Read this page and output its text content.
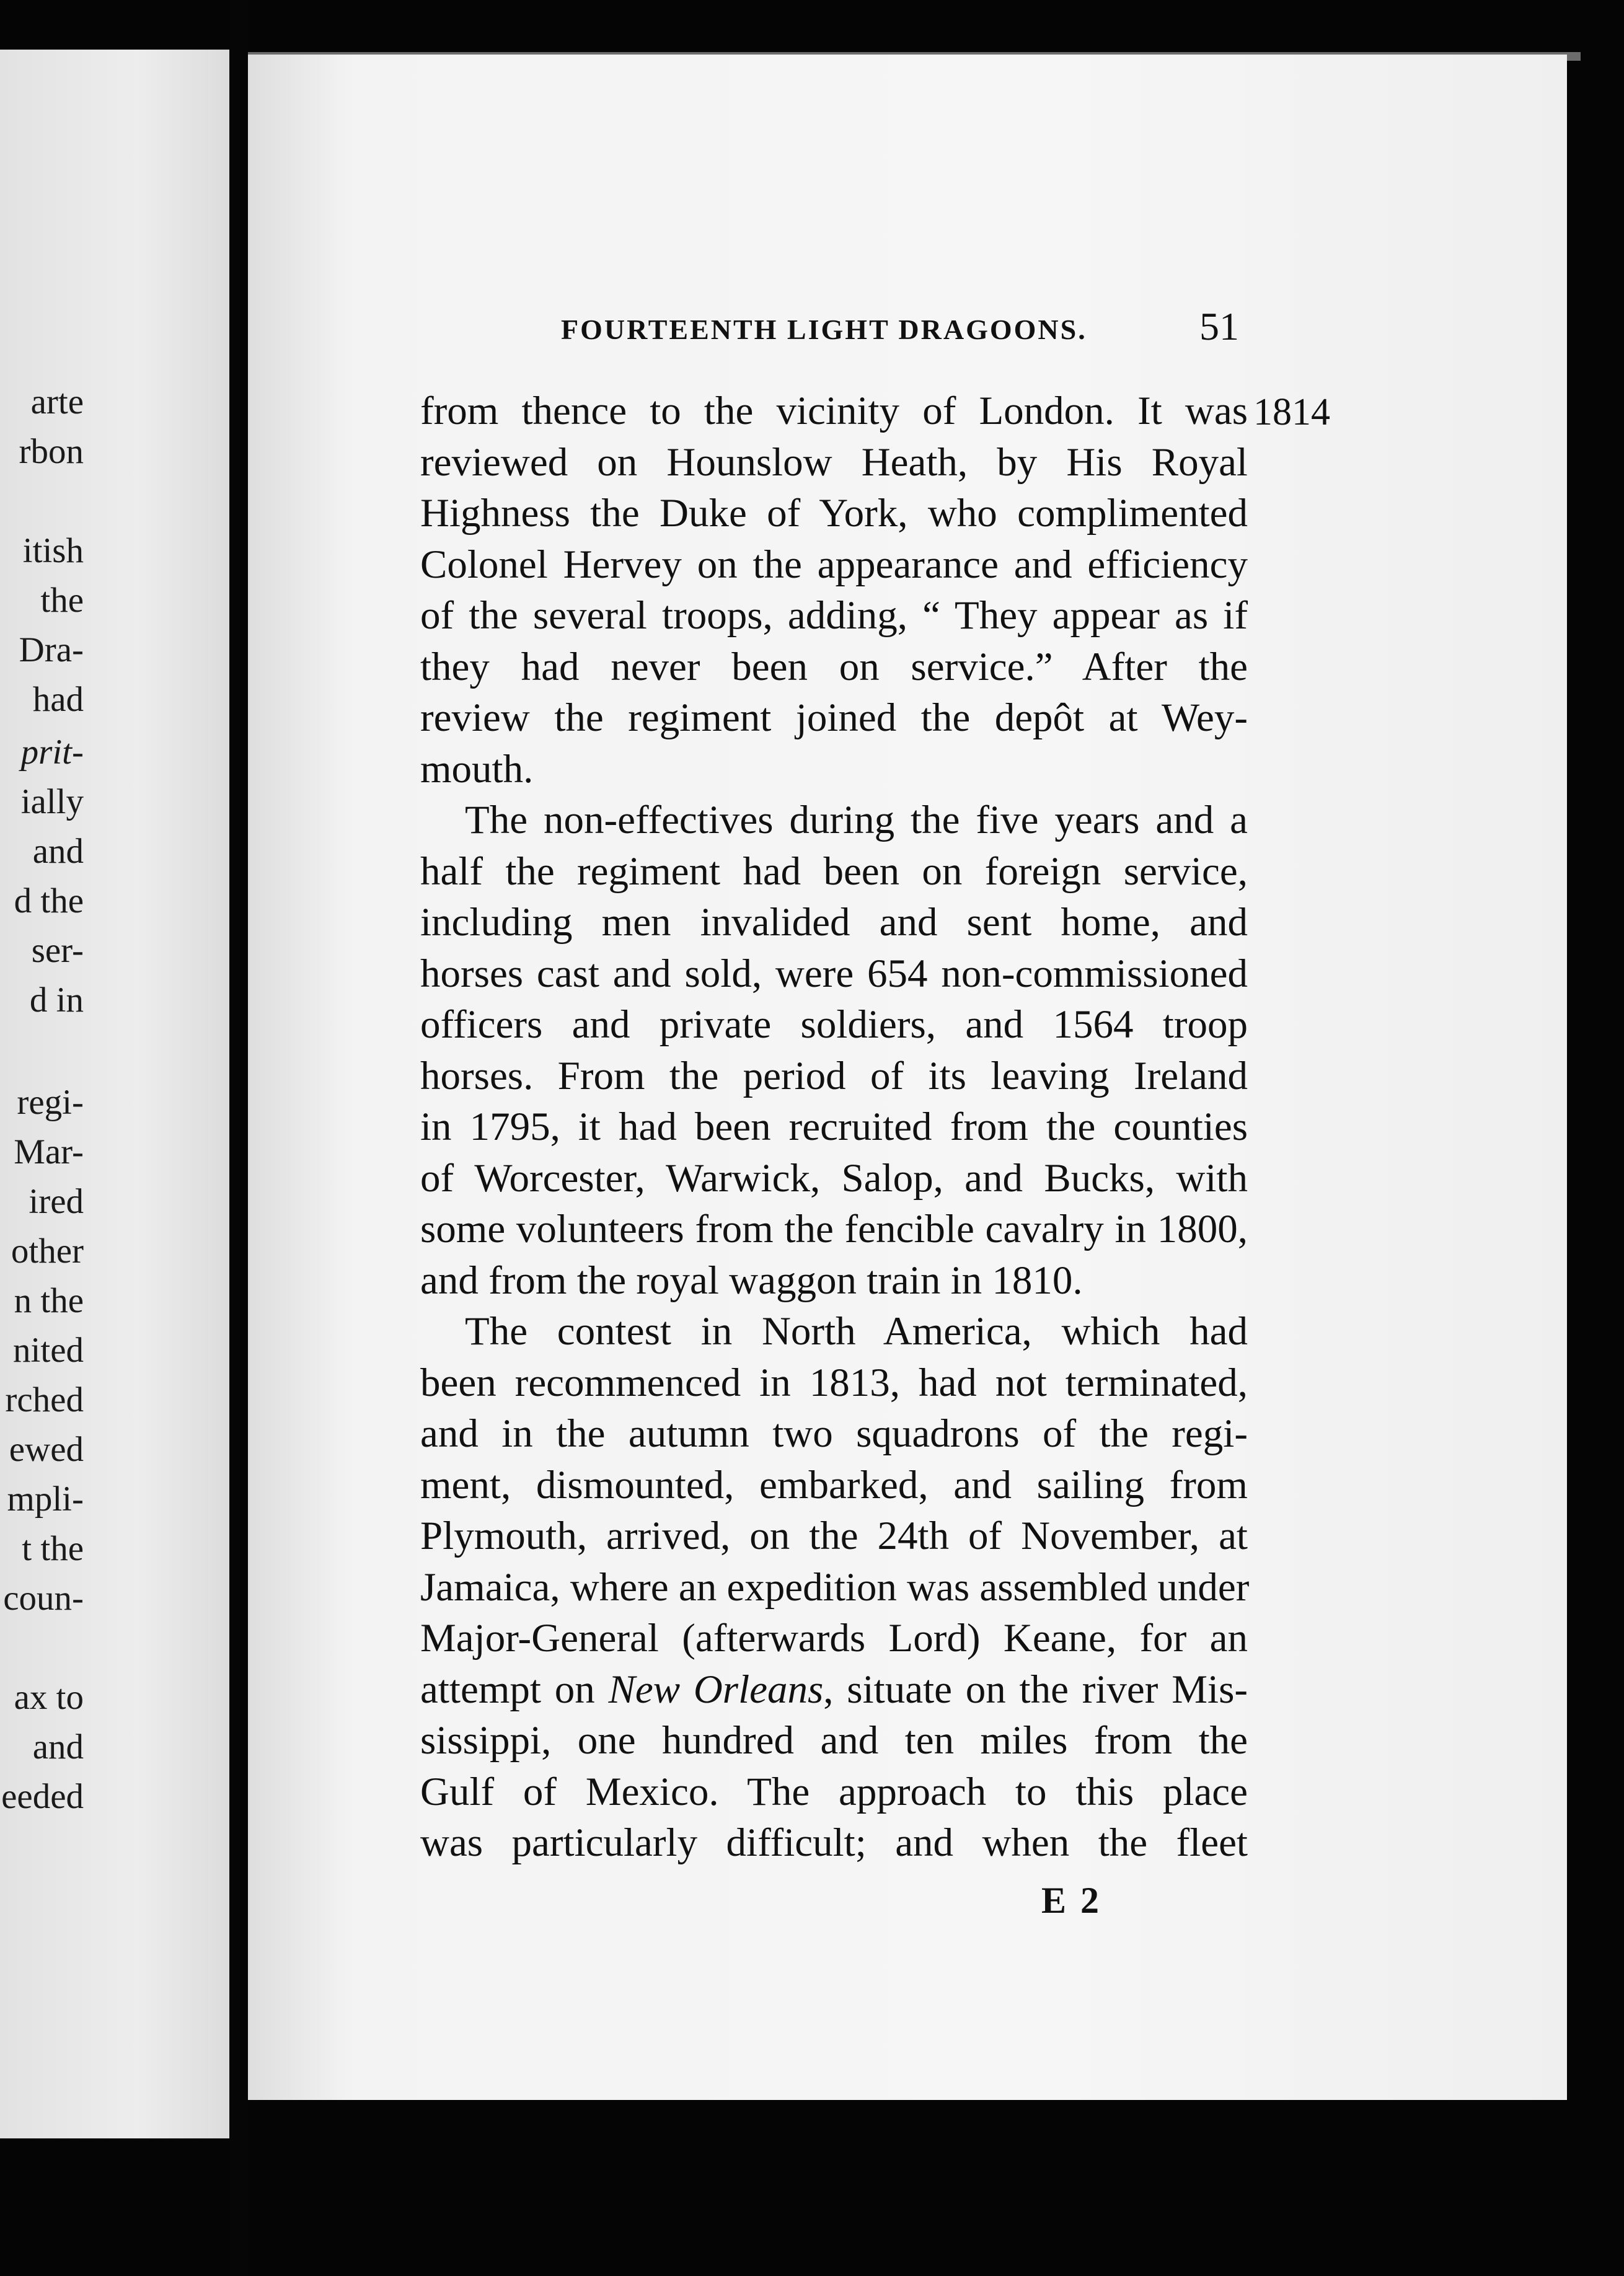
arte

rbon

itish

the

Dra-

had

prit-

ially

and

d the

ser-

d in

regi-

Mar-

ired

other

n the

nited

rched

ewed

mpli-

t the

coun-

ax to

and

eeded

FOURTEENTH LIGHT DRAGOONS.	51

1814

from thence to the vicinity of London. It was
reviewed on Hounslow Heath, by His Royal
Highness the Duke of York, who complimented
Colonel Hervey on the appearance and efficiency
of the several troops, adding, “ They appear as if
they had never been on service.” After the
review the regiment joined the depôt at Wey-
mouth.
The non-effectives during the five years and a
half the regiment had been on foreign service,
including men invalided and sent home, and
horses cast and sold, were 654 non-commissioned
officers and private soldiers, and 1564 troop
horses. From the period of its leaving Ireland
in 1795, it had been recruited from the counties
of Worcester, Warwick, Salop, and Bucks, with
some volunteers from the fencible cavalry in 1800,
and from the royal waggon train in 1810.
The contest in North America, which had
been recommenced in 1813, had not terminated,
and in the autumn two squadrons of the regi-
ment, dismounted, embarked, and sailing from
Plymouth, arrived, on the 24th of November, at
Jamaica, where an expedition was assembled under
Major-General (afterwards Lord) Keane, for an
attempt on New Orleans, situate on the river Mis-
sissippi, one hundred and ten miles from the
Gulf of Mexico. The approach to this place
was particularly difficult; and when the fleet

E 2
